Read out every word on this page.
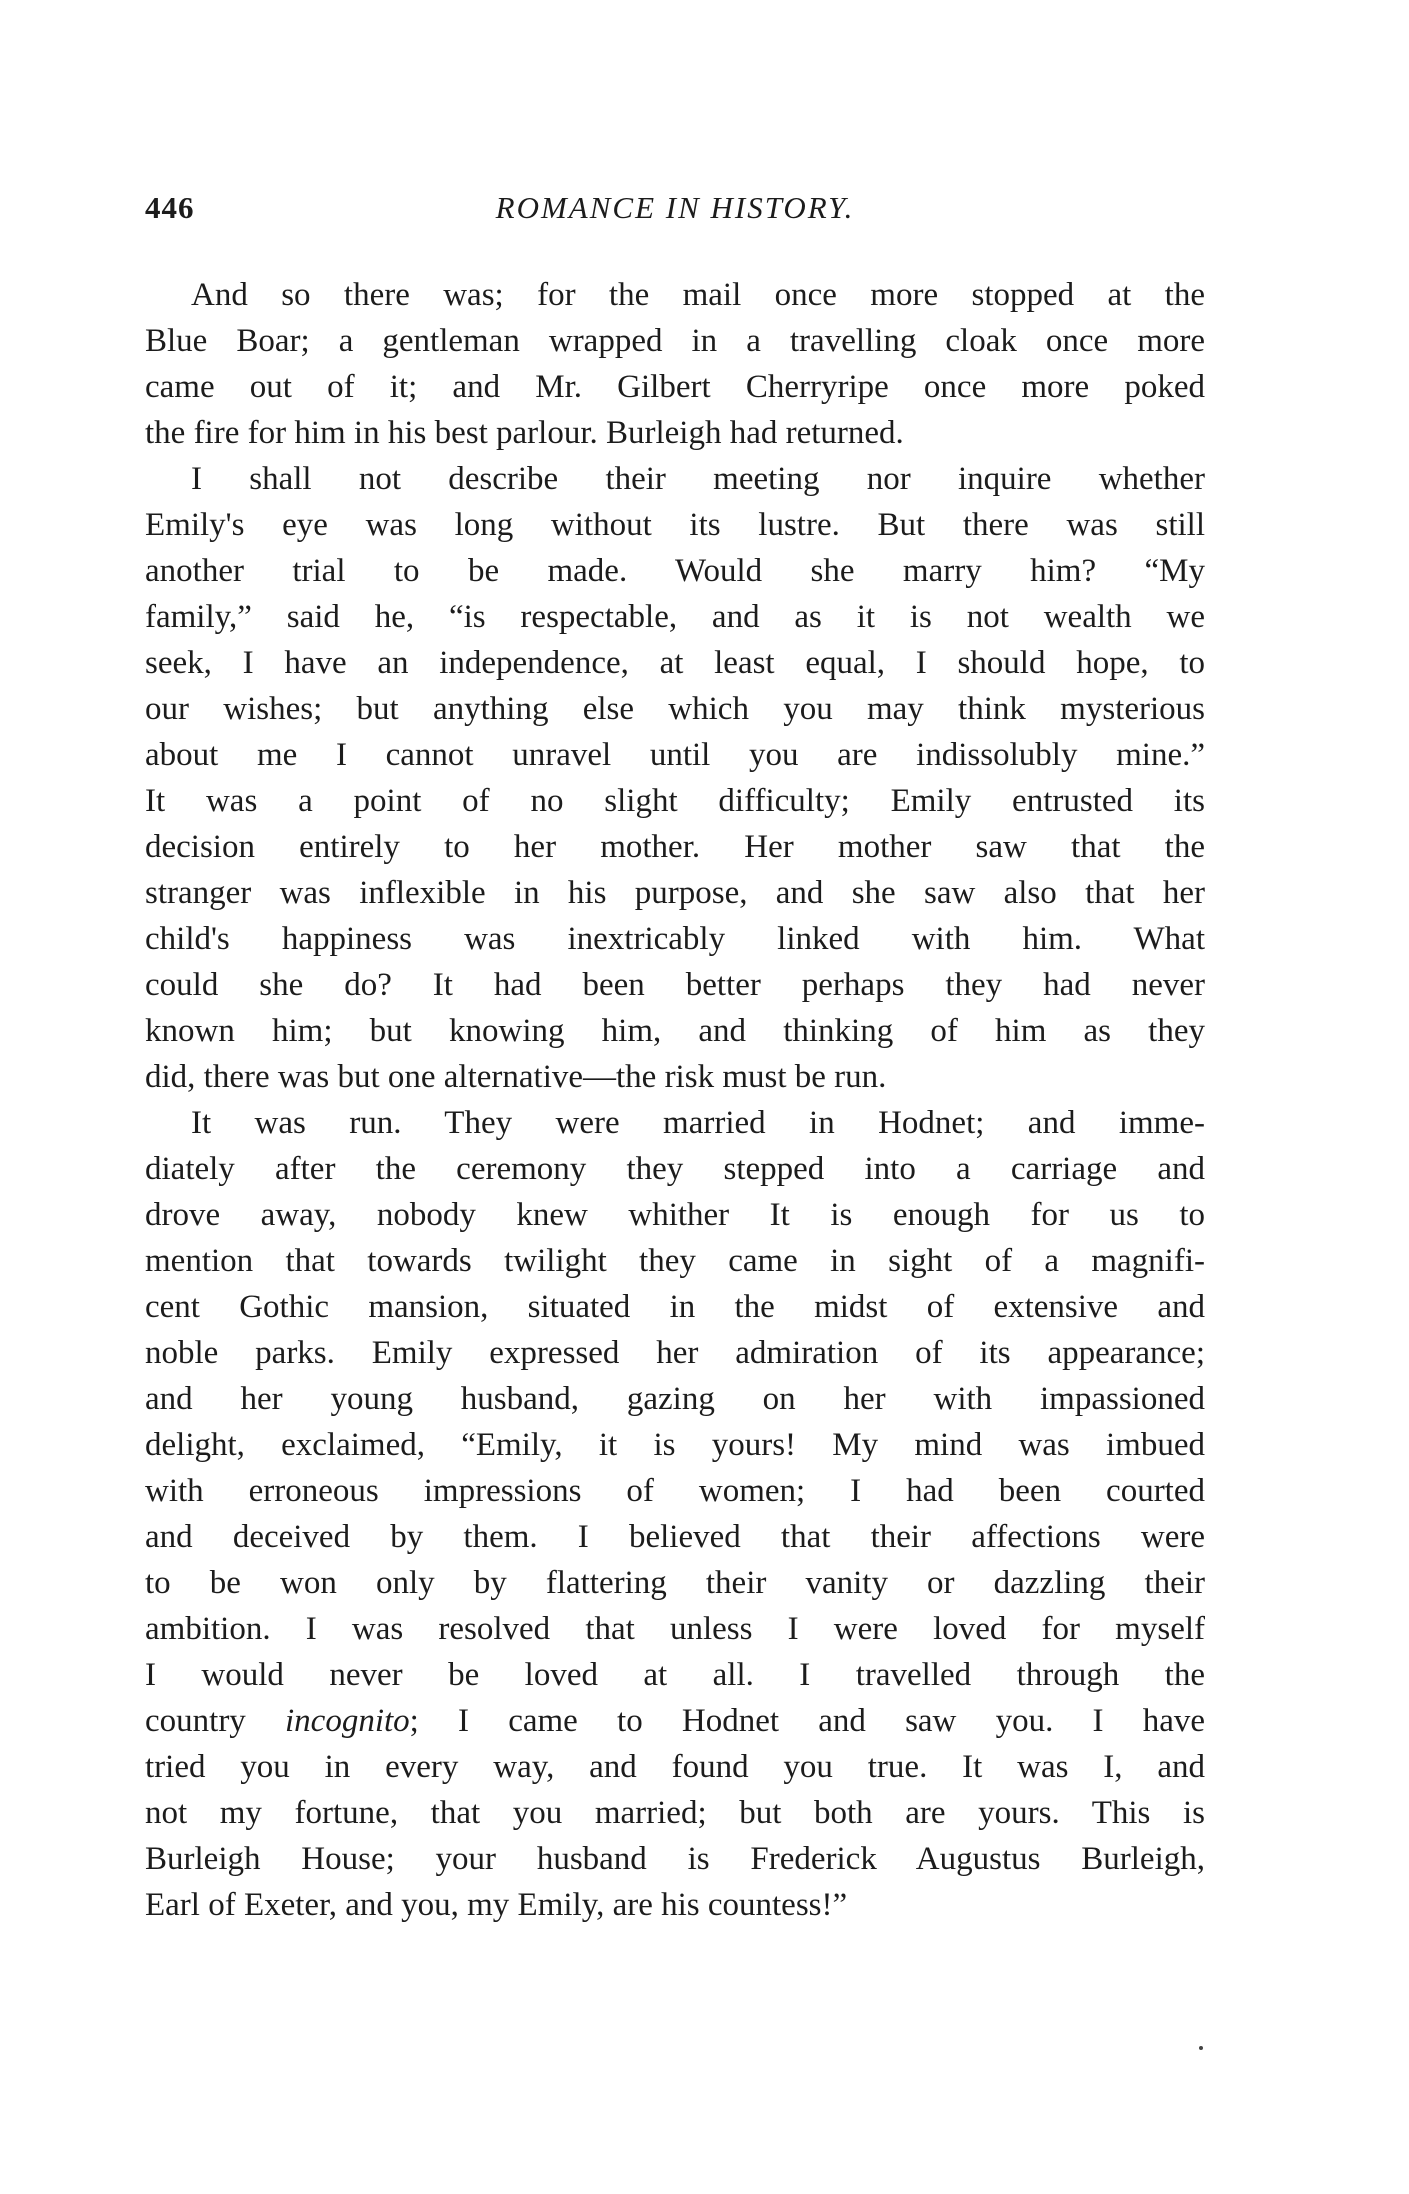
446	ROMANCE IN HISTORY.
And so there was; for the mail once more stopped at the
Blue Boar; a gentleman wrapped in a travelling cloak once more
came out of it; and Mr. Gilbert Cherryripe once more poked
the fire for him in his best parlour. Burleigh had returned.
I shall not describe their meeting nor inquire whether
Emily's eye was long without its lustre. But there was still
another trial to be made. Would she marry him? “My
family,” said he, “is respectable, and as it is not wealth we
seek, I have an independence, at least equal, I should hope, to
our wishes; but anything else which you may think mysterious
about me I cannot unravel until you are indissolubly mine.”
It was a point of no slight difficulty; Emily entrusted its
decision entirely to her mother. Her mother saw that the
stranger was inflexible in his purpose, and she saw also that her
child's happiness was inextricably linked with him. What
could she do? It had been better perhaps they had never
known him; but knowing him, and thinking of him as they
did, there was but one alternative—the risk must be run.
It was run. They were married in Hodnet; and imme-
diately after the ceremony they stepped into a carriage and
drove away, nobody knew whither It is enough for us to
mention that towards twilight they came in sight of a magnifi-
cent Gothic mansion, situated in the midst of extensive and
noble parks. Emily expressed her admiration of its appearance;
and her young husband, gazing on her with impassioned
delight, exclaimed, “Emily, it is yours! My mind was imbued
with erroneous impressions of women; I had been courted
and deceived by them. I believed that their affections were
to be won only by flattering their vanity or dazzling their
ambition. I was resolved that unless I were loved for myself
I would never be loved at all. I travelled through the
country incognito; I came to Hodnet and saw you. I have
tried you in every way, and found you true. It was I, and
not my fortune, that you married; but both are yours. This is
Burleigh House; your husband is Frederick Augustus Burleigh,
Earl of Exeter, and you, my Emily, are his countess!”
